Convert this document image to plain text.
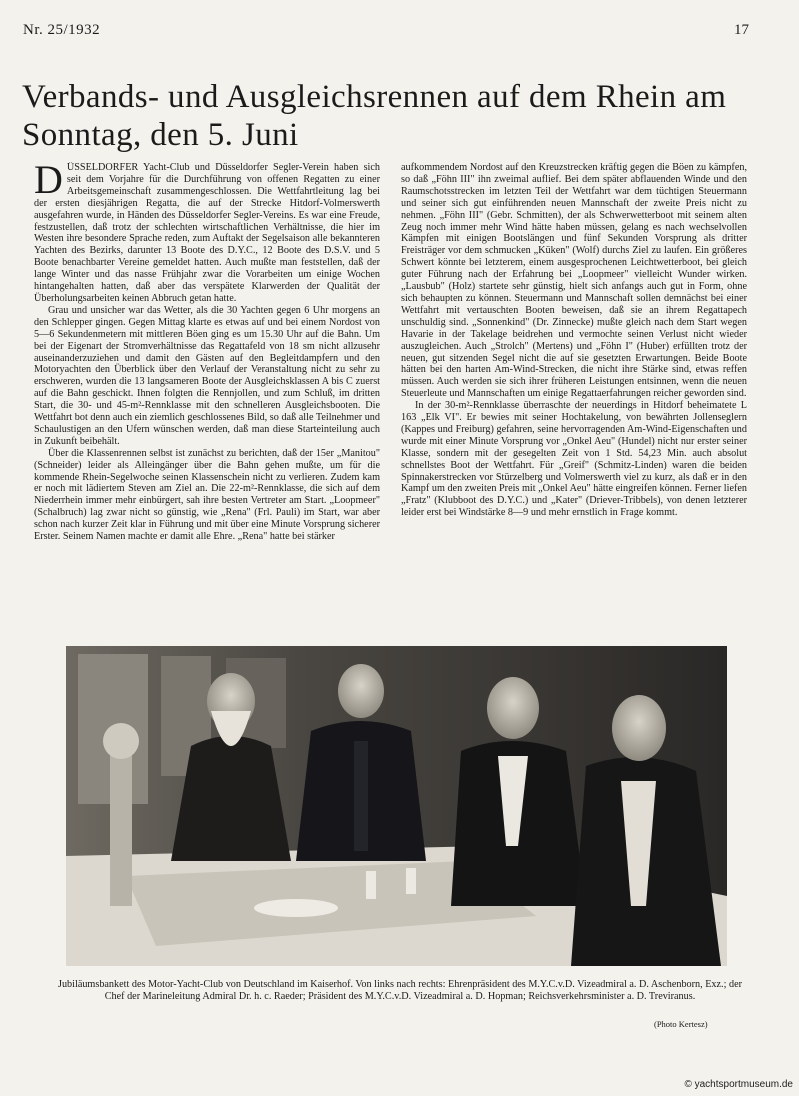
Nr. 25/1932	17
Verbands- und Ausgleichsrennen auf dem Rhein am Sonntag, den 5. Juni

DÜSSELDORFER Yacht-Club und Düsseldorfer Segler-Verein haben sich seit dem Vorjahre für die Durchführung von offenen Regatten zu einer Arbeitsgemeinschaft zusammengeschlossen. Die Wettfahrtleitung lag bei der ersten diesjährigen Regatta, die auf der Strecke Hitdorf-Volmerswerth ausgefahren wurde, in Händen des Düsseldorfer Segler-Vereins. Es war eine Freude, festzustellen, daß trotz der schlechten wirtschaftlichen Verhältnisse, die hier im Westen ihre besondere Sprache reden, zum Auftakt der Segelsaison alle bekannteren Yachten des Bezirks, darunter 13 Boote des D.Y.C., 12 Boote des D.S.V. und 5 Boote benachbarter Vereine gemeldet hatten. Auch mußte man feststellen, daß der lange Winter und das nasse Frühjahr zwar die Vorarbeiten um einige Wochen hintangehalten hatten, daß aber das verspätete Klarwerden der Qualität der Überholungsarbeiten keinen Abbruch getan hatte.

Grau und unsicher war das Wetter, als die 30 Yachten gegen 6 Uhr morgens an den Schlepper gingen. Gegen Mittag klarte es etwas auf und bei einem Nordost von 5—6 Sekundenmetern mit mittleren Böen ging es um 15.30 Uhr auf die Bahn. Um bei der Eigenart der Stromverhältnisse das Regattafeld von 18 sm nicht allzusehr auseinanderzuziehen und damit den Gästen auf den Begleitdampfern und den Motoryachten den Überblick über den Verlauf der Veranstaltung nicht zu sehr zu erschweren, wurden die 13 langsameren Boote der Ausgleichsklassen A bis C zuerst auf die Bahn geschickt. Ihnen folgten die Rennjollen, und zum Schluß, im dritten Start, die 30- und 45-m²-Rennklasse mit den schnelleren Ausgleichsbooten. Die Wettfahrt bot denn auch ein ziemlich geschlossenes Bild, so daß alle Teilnehmer und Schaulustigen an den Ufern wünschen werden, daß man diese Starteinteilung auch in Zukunft beibehält.

Über die Klassenrennen selbst ist zunächst zu berichten, daß der 15er „Manitou" (Schneider) leider als Alleingänger über die Bahn gehen mußte, um für die kommende Rhein-Segelwoche seinen Klassenschein nicht zu verlieren. Zudem kam er noch mit lädiertem Steven am Ziel an. Die 22-m²-Rennklasse, die sich auf dem Niederrhein immer mehr einbürgert, sah ihre besten Vertreter am Start. „Loopmeer" (Schalbruch) lag zwar nicht so günstig, wie „Rena" (Frl. Pauli) im Start, war aber schon nach kurzer Zeit klar in Führung und mit über eine Minute Vorsprung sicherer Erster. Seinem Namen machte er damit alle Ehre. „Rena" hatte bei stärker

aufkommendem Nordost auf den Kreuzstrecken kräftig gegen die Böen zu kämpfen, so daß „Föhn III" ihn zweimal auflief. Bei dem später abflauenden Winde und den Raumschotsstrecken im letzten Teil der Wettfahrt war dem tüchtigen Steuermann und seiner sich gut einführenden neuen Mannschaft der zweite Preis nicht zu nehmen. „Föhn III" (Gebr. Schmitten), der als Schwerwetterboot mit seinem alten Zeug noch immer mehr Wind hätte haben müssen, gelang es nach wechselvollen Kämpfen mit einigen Bootslängen und fünf Sekunden Vorsprung als dritter Freisträger vor dem schmucken „Küken" (Wolf) durchs Ziel zu laufen. Ein größeres Schwert könnte bei letzterem, einem ausgesprochenen Leichtwetterboot, bei gleich guter Führung nach der Erfahrung bei „Loopmeer" vielleicht Wunder wirken. „Lausbub" (Holz) startete sehr günstig, hielt sich anfangs auch gut in Form, ohne sich behaupten zu können. Steuermann und Mannschaft sollen demnächst bei einer Wettfahrt mit vertauschten Booten beweisen, daß sie an ihrem Regattapech unschuldig sind. „Sonnenkind" (Dr. Zinnecke) mußte gleich nach dem Start wegen Havarie in der Takelage beidrehen und vermochte seinen Verlust nicht wieder auszugleichen. Auch „Strolch" (Mertens) und „Föhn I" (Huber) erfüllten trotz der neuen, gut sitzenden Segel nicht die auf sie gesetzten Erwartungen. Beide Boote hätten bei den harten Am-Wind-Strecken, die nicht ihre Stärke sind, etwas reffen müssen. Auch werden sie sich ihrer früheren Leistungen entsinnen, wenn die neuen Steuerleute und Mannschaften um einige Regattaerfahrungen reicher geworden sind.

In der 30-m²-Rennklasse überraschte der neuerdings in Hitdorf beheimatete L 163 „Elk VI". Er bewies mit seiner Hochtakelung, von bewährten Jollenseglern (Kappes und Freiburg) gefahren, seine hervorragenden Am-Wind-Eigenschaften und wurde mit einer Minute Vorsprung vor „Onkel Aeu" (Hundel) nicht nur erster seiner Klasse, sondern mit der gesegelten Zeit von 1 Std. 54,23 Min. auch absolut schnellstes Boot der Wettfahrt. Für „Greif" (Schmitz-Linden) waren die beiden Spinnakerstrecken vor Stürzelberg und Volmerswerth viel zu kurz, als daß er in den Kampf um den zweiten Preis mit „Onkel Aeu" hätte eingreifen können. Ferner liefen „Fratz" (Klubboot des D.Y.C.) und „Kater" (Driever-Tribbels), von denen letzterer leider erst bei Windstärke 8—9 und mehr ernstlich in Frage kommt.

Jubiläumsbankett des Motor-Yacht-Club von Deutschland im Kaiserhof. Von links nach rechts: Ehrenpräsident des M.Y.C.v.D. Vizeadmiral a. D. Aschenborn, Exz.; der Chef der Marineleitung Admiral Dr. h. c. Raeder; Präsident des M.Y.C.v.D. Vizeadmiral a. D. Hopman; Reichsverkehrsminister a. D. Treviranus.

(Photo Kertesz)
© yachtsportmuseum.de
